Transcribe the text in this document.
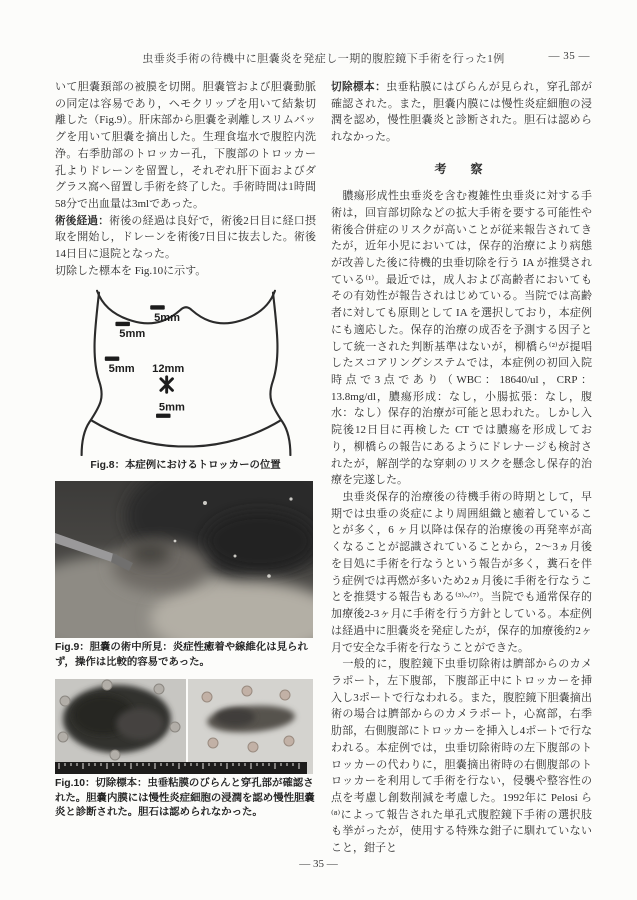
虫垂炎手術の待機中に胆嚢炎を発症し一期的腹腔鏡下手術を行った1例	— 35 —

いて胆嚢頚部の被膜を切開。胆嚢管および胆嚢動脈の同定は容易であり，ヘモクリップを用いて結紮切離した（Fig.9）。肝床部から胆嚢を剥離しスリムバッグを用いて胆嚢を摘出した。生理食塩水で腹腔内洗浄。右季肋部のトロッカー孔，下腹部のトロッカー孔よりドレーンを留置し，それぞれ肝下面およびダグラス窩へ留置し手術を終了した。手術時間は1時間58分で出血量は3mlであった。

術後経過：術後の経過は良好で，術後2日目に経口摂取を開始し，ドレーンを術後7日目に抜去した。術後14日目に退院となった。

切除した標本を Fig.10に示す。

5mm
5mm
5mm 12mm
5mm
Fig.8：本症例におけるトロッカーの位置
Fig.9：胆嚢の術中所見：炎症性癒着や線維化は見られず，操作は比較的容易であった。
Fig.10：切除標本：虫垂粘膜のびらんと穿孔部が確認された。胆嚢内膜には慢性炎症細胞の浸潤を認め慢性胆嚢炎と診断された。胆石は認められなかった。

切除標本：虫垂粘膜にはびらんが見られ，穿孔部が確認された。また，胆嚢内膜には慢性炎症細胞の浸潤を認め，慢性胆嚢炎と診断された。胆石は認められなかった。

考　察

　膿瘍形成性虫垂炎を含む複雑性虫垂炎に対する手術は，回盲部切除などの拡大手術を要する可能性や術後合併症のリスクが高いことが従来報告されてきたが，近年小児においては，保存的治療により病態が改善した後に待機的虫垂切除を行う IA が推奨されている⁽¹⁾。最近では，成人および高齢者においてもその有効性が報告されはじめている。当院では高齢者に対しても原則として IA を選択しており，本症例にも適応した。保存的治療の成否を予測する因子として統一された判断基準はないが，柳橋ら⁽²⁾が提唱したスコアリングシステムでは，本症例の初回入院時点で3点であり（WBC：18640/ul，CRP：13.8mg/dl，膿瘍形成：なし，小腸拡張：なし，腹水：なし）保存的治療が可能と思われた。しかし入院後12日目に再検した CT では膿瘍を形成しており，柳橋らの報告にあるようにドレナージも検討されたが，解剖学的な穿刺のリスクを懸念し保存的治療を完遂した。

　虫垂炎保存的治療後の待機手術の時期として，早期では虫垂の炎症により周囲組織と癒着していることが多く，6 ヶ月以降は保存的治療後の再発率が高くなることが認識されていることから，2～3ヵ月後を目処に手術を行なうという報告が多く，糞石を伴う症例では再燃が多いため2ヵ月後に手術を行なうことを推奨する報告もある⁽³⁾~⁽⁷⁾。当院でも通常保存的加療後2-3ヶ月に手術を行う方針としている。本症例は経過中に胆嚢炎を発症したが，保存的加療後約2ヶ月で安全な手術を行なうことができた。

　一般的に，腹腔鏡下虫垂切除術は臍部からのカメラポート，左下腹部，下腹部正中にトロッカーを挿入し3ポートで行なわれる。また，腹腔鏡下胆嚢摘出術の場合は臍部からのカメラポート，心窩部，右季肋部，右側腹部にトロッカーを挿入し4ポートで行なわれる。本症例では，虫垂切除術時の左下腹部のトロッカーの代わりに，胆嚢摘出術時の右側腹部のトロッカーを利用して手術を行ない，侵襲や整容性の点を考慮し創数削減を考慮した。1992年に Pelosi ら⁽⁸⁾によって報告された単孔式腹腔鏡下手術の選択肢も挙がったが，使用する特殊な鉗子に馴れていないこと，鉗子と

— 35 —
